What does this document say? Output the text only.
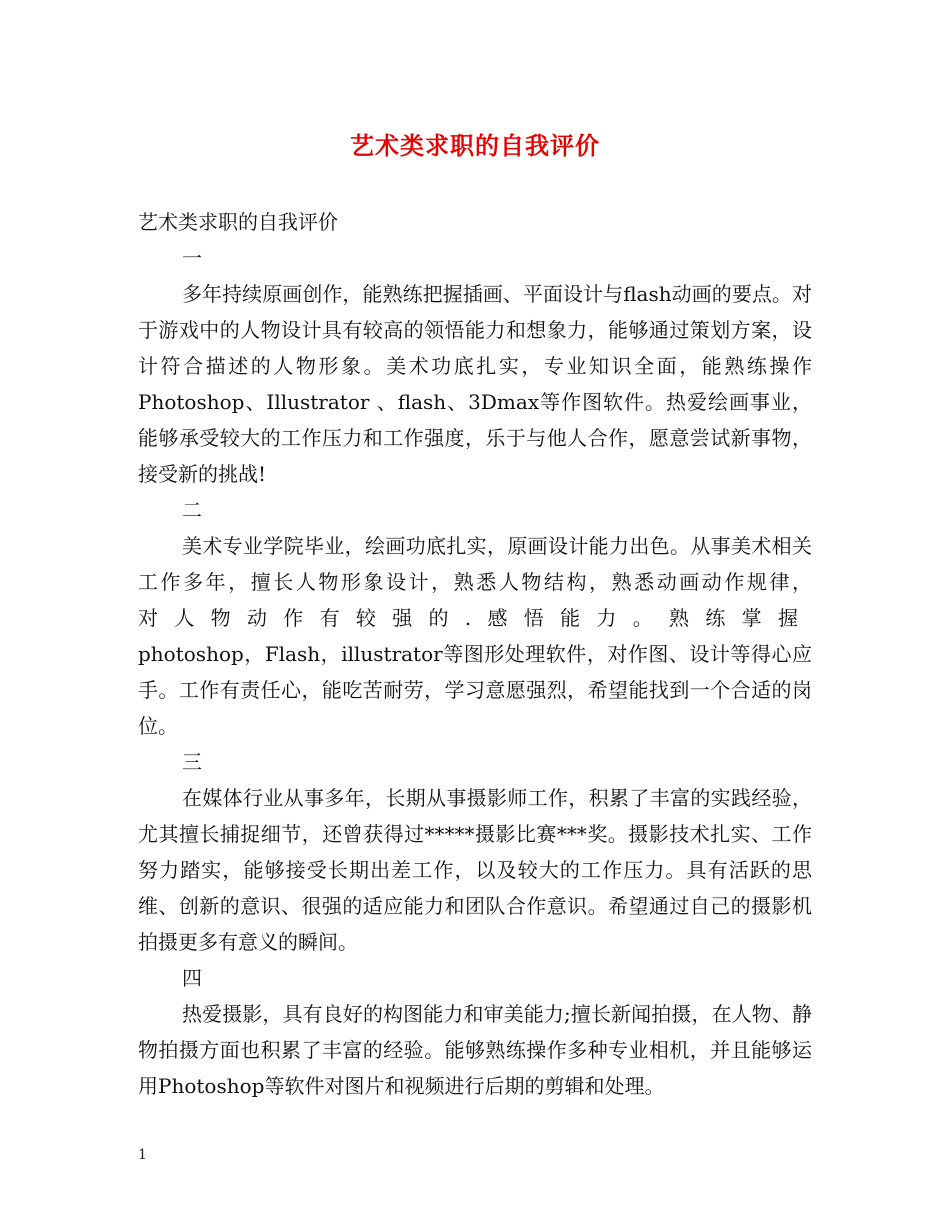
艺术类求职的自我评价
艺术类求职的自我评价
一
多年持续原画创作，能熟练把握插画、平面设计与flash动画的要点。对于游戏中的人物设计具有较高的领悟能力和想象力，能够通过策划方案，设计符合描述的人物形象。美术功底扎实，专业知识全面，能熟练操作Photoshop、Illustrator 、flash、3Dmax等作图软件。热爱绘画事业，能够承受较大的工作压力和工作强度，乐于与他人合作，愿意尝试新事物，接受新的挑战!
二
美术专业学院毕业，绘画功底扎实，原画设计能力出色。从事美术相关工作多年，擅长人物形象设计，熟悉人物结构，熟悉动画动作规律，
对人物动作有较强的.感悟能力。熟练掌握
photoshop，Flash，illustrator等图形处理软件，对作图、设计等得心应手。工作有责任心，能吃苦耐劳，学习意愿强烈，希望能找到一个合适的岗位。
三
在媒体行业从事多年，长期从事摄影师工作，积累了丰富的实践经验，尤其擅长捕捉细节，还曾获得过*****摄影比赛***奖。摄影技术扎实、工作努力踏实，能够接受长期出差工作，以及较大的工作压力。具有活跃的思维、创新的意识、很强的适应能力和团队合作意识。希望通过自己的摄影机拍摄更多有意义的瞬间。
四
热爱摄影，具有良好的构图能力和审美能力;擅长新闻拍摄，在人物、静物拍摄方面也积累了丰富的经验。能够熟练操作多种专业相机，并且能够运用Photoshop等软件对图片和视频进行后期的剪辑和处理。
1
